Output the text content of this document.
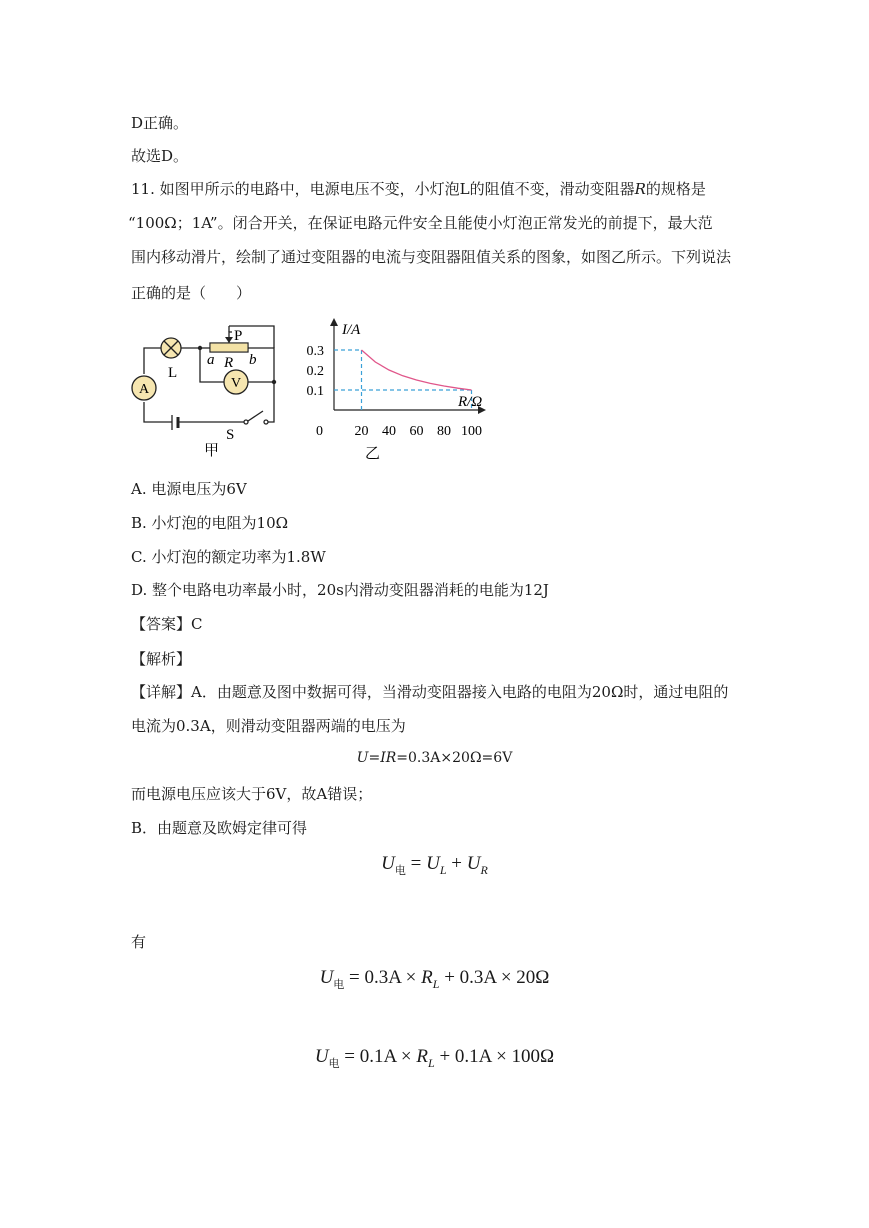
D正确。
故选D。
11. 如图甲所示的电路中，电源电压不变，小灯泡L的阻值不变，滑动变阻器R的规格是
“100Ω；1A”。闭合开关，在保证电路元件安全且能使小灯泡正常发光的前提下，最大范
围内移动滑片，绘制了通过变阻器的电流与变阻器阻值关系的图象，如图乙所示。下列说法
正确的是（　　）
A	V
L
P
a R b
S
甲
20 40 60 80 100
0.1
0.2
0.3
I/A
R/Ω
0
乙
A. 电源电压为6V
B. 小灯泡的电阻为10Ω
C. 小灯泡的额定功率为1.8W
D. 整个电路电功率最小时，20s内滑动变阻器消耗的电能为12J
【答案】C
【解析】
【详解】A．由题意及图中数据可得，当滑动变阻器接入电路的电阻为20Ω时，通过电阻的
电流为0.3A，则滑动变阻器两端的电压为
U=IR=0.3A×20Ω=6V
而电源电压应该大于6V，故A错误；
B．由题意及欧姆定律可得
$U_电 = U_L + U_R$
有
$U_电 = 0.3A \times R_L + 0.3A \times 20\Omega$
$U_电 = 0.1A \times R_L + 0.1A \times 100\Omega$
